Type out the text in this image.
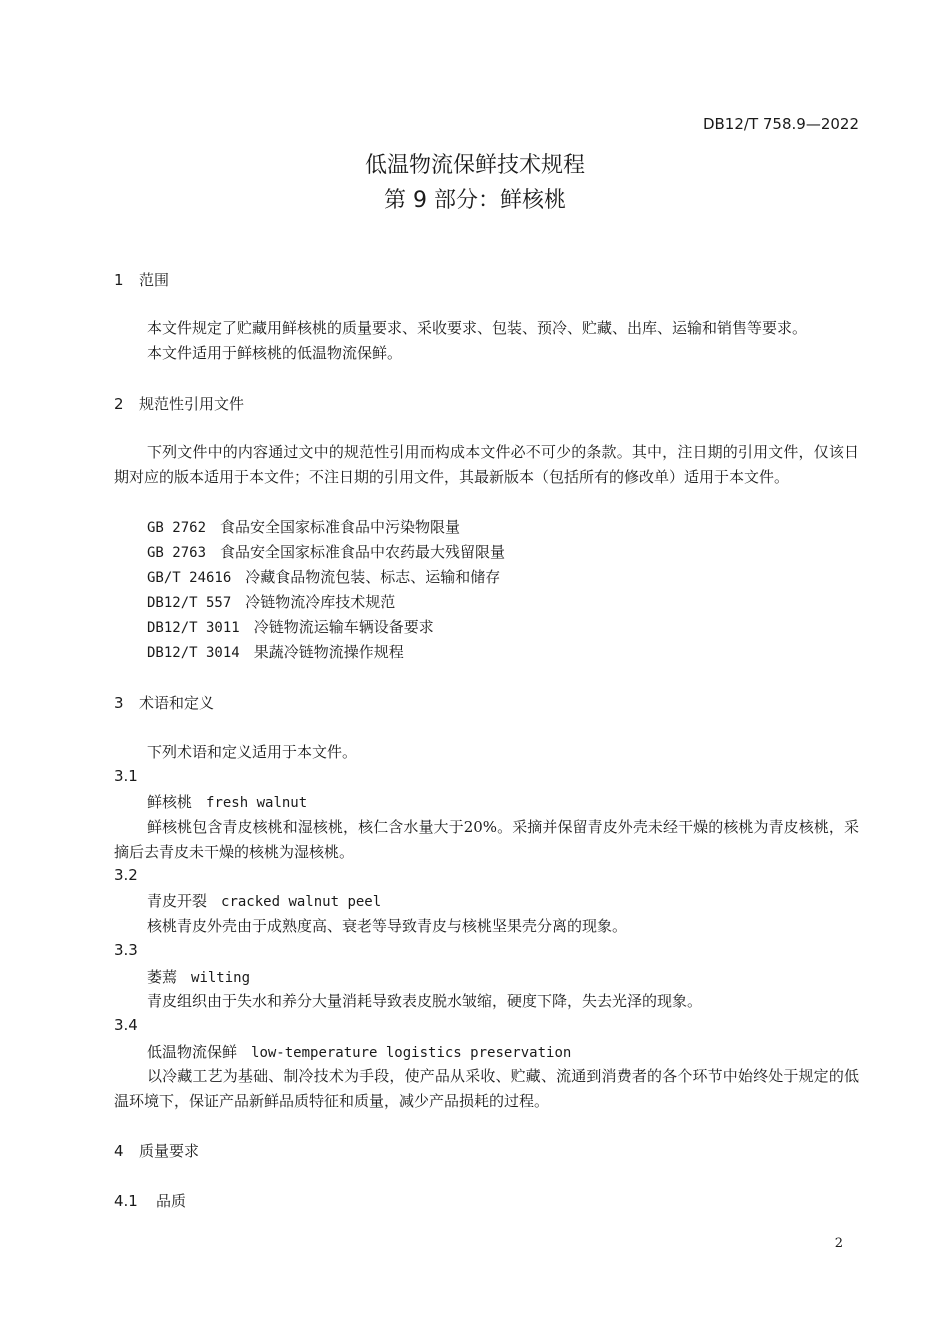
DB12/T 758.9—2022
低温物流保鲜技术规程
第 9 部分：鲜核桃
1 范围
本文件规定了贮藏用鲜核桃的质量要求、采收要求、包装、预冷、贮藏、出库、运输和销售等要求。
本文件适用于鲜核桃的低温物流保鲜。
2 规范性引用文件
下列文件中的内容通过文中的规范性引用而构成本文件必不可少的条款。其中，注日期的引用文件，仅该日期对应的版本适用于本文件；不注日期的引用文件，其最新版本（包括所有的修改单）适用于本文件。
GB 2762 食品安全国家标准食品中污染物限量
GB 2763 食品安全国家标准食品中农药最大残留限量
GB/T 24616 冷藏食品物流包装、标志、运输和储存
DB12/T 557 冷链物流冷库技术规范
DB12/T 3011 冷链物流运输车辆设备要求
DB12/T 3014 果蔬冷链物流操作规程
3 术语和定义
下列术语和定义适用于本文件。
3.1
鲜核桃 fresh walnut
鲜核桃包含青皮核桃和湿核桃，核仁含水量大于20%。采摘并保留青皮外壳未经干燥的核桃为青皮核桃，采摘后去青皮未干燥的核桃为湿核桃。
3.2
青皮开裂 cracked walnut peel
核桃青皮外壳由于成熟度高、衰老等导致青皮与核桃坚果壳分离的现象。
3.3
萎蔫 wilting
青皮组织由于失水和养分大量消耗导致表皮脱水皱缩，硬度下降，失去光泽的现象。
3.4
低温物流保鲜 low-temperature logistics preservation
以冷藏工艺为基础、制冷技术为手段，使产品从采收、贮藏、流通到消费者的各个环节中始终处于规定的低温环境下，保证产品新鲜品质特征和质量，减少产品损耗的过程。
4 质量要求
4.1 品质
2
